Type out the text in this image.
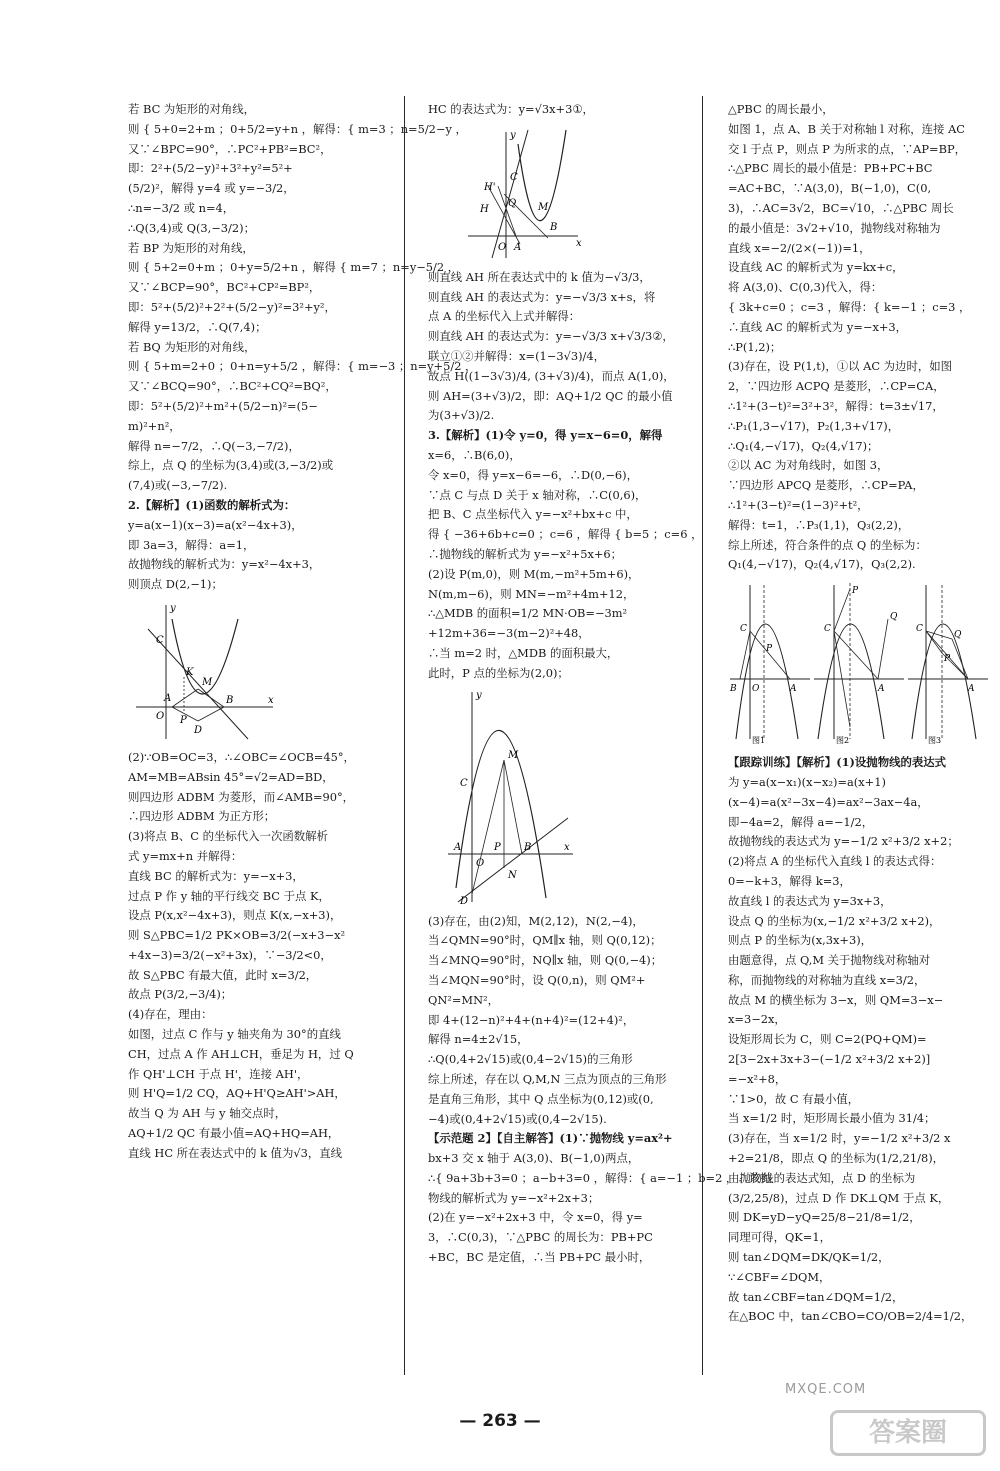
若 BC 为矩形的对角线，
则 { 5+0=2+m ；0+5/2=y+n ，解得：{ m=3 ；n=5/2−y ，
又∵∠BPC=90°，∴PC²+PB²=BC²，
即：2²+(5/2−y)²+3²+y²=5²+
(5/2)²，解得 y=4 或 y=−3/2，
∴n=−3/2 或 n=4，
∴Q(3,4)或 Q(3,−3/2)；
若 BP 为矩形的对角线，
则 { 5+2=0+m ；0+y=5/2+n ，解得 { m=7 ；n=y−5/2 ，
又∵∠BCP=90°，BC²+CP²=BP²，
即：5²+(5/2)²+2²+(5/2−y)²=3²+y²，
解得 y=13/2，∴Q(7,4)；
若 BQ 为矩形的对角线，
则 { 5+m=2+0 ；0+n=y+5/2 ，解得：{ m=−3 ；n=y+5/2 ，
又∵∠BCQ=90°，∴BC²+CQ²=BQ²，
即：5²+(5/2)²+m²+(5/2−n)²=(5−
m)²+n²，
解得 n=−7/2，∴Q(−3,−7/2)，
综上，点 Q 的坐标为(3,4)或(3,−3/2)或
(7,4)或(−3,−7/2).
2.【解析】(1)函数的解析式为：
y=a(x−1)(x−3)=a(x²−4x+3)，
即 3a=3，解得：a=1，
故抛物线的解析式为：y=x²−4x+3，
则顶点 D(2,−1)；
y
x
O
C
K
M
B
A
P
D
(2)∵OB=OC=3，∴∠OBC=∠OCB=45°，
AM=MB=ABsin 45°=√2=AD=BD，
则四边形 ADBM 为菱形，而∠AMB=90°，
∴四边形 ADBM 为正方形；
(3)将点 B、C 的坐标代入一次函数解析
式 y=mx+n 并解得：
直线 BC 的解析式为：y=−x+3，
过点 P 作 y 轴的平行线交 BC 于点 K，
设点 P(x,x²−4x+3)，则点 K(x,−x+3)，
则 S△PBC=1/2 PK×OB=3/2(−x+3−x²
+4x−3)=3/2(−x²+3x)，∵−3/2<0，
故 S△PBC 有最大值，此时 x=3/2，
故点 P(3/2,−3/4)；
(4)存在，理由：
如图，过点 C 作与 y 轴夹角为 30°的直线
CH，过点 A 作 AH⊥CH，垂足为 H，过 Q
作 QH'⊥CH 于点 H'，连接 AH'，
则 H'Q=1/2 CQ，AQ+H'Q≥AH'>AH，
故当 Q 为 AH 与 y 轴交点时，
AQ+1/2 QC 有最小值=AQ+HQ=AH，
直线 HC 所在表达式中的 k 值为√3，直线
HC 的表达式为：y=√3x+3①，
y
C
H'
H
Q M
O A
B
x
则直线 AH 所在表达式中的 k 值为−√3/3，
则直线 AH 的表达式为：y=−√3/3 x+s，将
点 A 的坐标代入上式并解得：
则直线 AH 的表达式为：y=−√3/3 x+√3/3②，
联立①②并解得：x=(1−3√3)/4，
故点 H((1−3√3)/4, (3+√3)/4)，而点 A(1,0)，
则 AH=(3+√3)/2，即：AQ+1/2 QC 的最小值
为(3+√3)/2.
3.【解析】(1)令 y=0，得 y=x−6=0，解得
x=6，∴B(6,0)，
令 x=0，得 y=x−6=−6，∴D(0,−6)，
∵点 C 与点 D 关于 x 轴对称，∴C(0,6)，
把 B、C 点坐标代入 y=−x²+bx+c 中，
得 { −36+6b+c=0 ；c=6 ，解得 { b=5 ；c=6 ，
∴抛物线的解析式为 y=−x²+5x+6；
(2)设 P(m,0)，则 M(m,−m²+5m+6)，
N(m,m−6)，则 MN=−m²+4m+12，
∴△MDB 的面积=1/2 MN·OB=−3m²
+12m+36=−3(m−2)²+48，
∴当 m=2 时，△MDB 的面积最大，
此时，P 点的坐标为(2,0)；
y
M
C
A
O
P B
N
D
x
(3)存在，由(2)知，M(2,12)，N(2,−4)，
当∠QMN=90°时，QM∥x 轴，则 Q(0,12)；
当∠MNQ=90°时，NQ∥x 轴，则 Q(0,−4)；
当∠MQN=90°时，设 Q(0,n)，则 QM²+
QN²=MN²，
即 4+(12−n)²+4+(n+4)²=(12+4)²，
解得 n=4±2√15，
∴Q(0,4+2√15)或(0,4−2√15)的三角形
综上所述，存在以 Q,M,N 三点为顶点的三角形
是直角三角形，其中 Q 点坐标为(0,12)或(0,
−4)或(0,4+2√15)或(0,4−2√15).
【示范题 2】【自主解答】(1)∵抛物线 y=ax²+
bx+3 交 x 轴于 A(3,0)、B(−1,0)两点，
∴{ 9a+3b+3=0 ；a−b+3=0 ，解得：{ a=−1 ；b=2 ，∴该抛
物线的解析式为 y=−x²+2x+3；
(2)在 y=−x²+2x+3 中，令 x=0，得 y=
3，∴C(0,3)，∵△PBC 的周长为：PB+PC
+BC，BC 是定值，∴当 PB+PC 最小时，
△PBC 的周长最小，
如图 1，点 A、B 关于对称轴 l 对称，连接 AC
交 l 于点 P，则点 P 为所求的点，∵AP=BP，
∴△PBC 周长的最小值是：PB+PC+BC
=AC+BC，∵A(3,0)，B(−1,0)，C(0,
3)，∴AC=3√2，BC=√10，∴△PBC 周长
的最小值是：3√2+√10，抛物线对称轴为
直线 x=−2/(2×(−1))=1，
设直线 AC 的解析式为 y=kx+c，
将 A(3,0)、C(0,3)代入，得：
{ 3k+c=0 ；c=3 ，解得：{ k=−1 ；c=3 ，
∴直线 AC 的解析式为 y=−x+3，
∴P(1,2)；
(3)存在，设 P(1,t)，①以 AC 为边时，如图
2，∵四边形 ACPQ 是菱形，∴CP=CA，
∴1²+(3−t)²=3²+3²，解得：t=3±√17，
∴P₁(1,3−√17)，P₂(1,3+√17)，
∴Q₁(4,−√17)，Q₂(4,√17)；
②以 AC 为对角线时，如图 3，
∵四边形 APCQ 是菱形，∴CP=PA，
∴1²+(3−t)²=(1−3)²+t²，
解得：t=1，∴P₃(1,1)，Q₃(2,2)，
综上所述，符合条件的点 Q 的坐标为：
Q₁(4,−√17)，Q₂(4,√17)，Q₃(2,2).
C
P
B O	A
图1
C
P
Q
A
图2
C
Q
P
A
图3
【跟踪训练】【解析】(1)设抛物线的表达式
为 y=a(x−x₁)(x−x₂)=a(x+1)
(x−4)=a(x²−3x−4)=ax²−3ax−4a，
即−4a=2，解得 a=−1/2，
故抛物线的表达式为 y=−1/2 x²+3/2 x+2；
(2)将点 A 的坐标代入直线 l 的表达式得：
0=−k+3，解得 k=3，
故直线 l 的表达式为 y=3x+3，
设点 Q 的坐标为(x,−1/2 x²+3/2 x+2)，
则点 P 的坐标为(x,3x+3)，
由题意得，点 Q,M 关于抛物线对称轴对
称，而抛物线的对称轴为直线 x=3/2，
故点 M 的横坐标为 3−x，则 QM=3−x−
x=3−2x，
设矩形周长为 C，则 C=2(PQ+QM)=
2[3−2x+3x+3−(−1/2 x²+3/2 x+2)]
=−x²+8，
∵1>0，故 C 有最小值，
当 x=1/2 时，矩形周长最小值为 31/4；
(3)存在，当 x=1/2 时，y=−1/2 x²+3/2 x
+2=21/8，即点 Q 的坐标为(1/2,21/8)，
由抛物线的表达式知，点 D 的坐标为
(3/2,25/8)，过点 D 作 DK⊥QM 于点 K，
则 DK=yD−yQ=25/8−21/8=1/2，
同理可得，QK=1，
则 tan∠DQM=DK/QK=1/2，
∵∠CBF=∠DQM，
故 tan∠CBF=tan∠DQM=1/2，
在△BOC 中，tan∠CBO=CO/OB=2/4=1/2，
— 263 —
MXQE.COM
答案圈
